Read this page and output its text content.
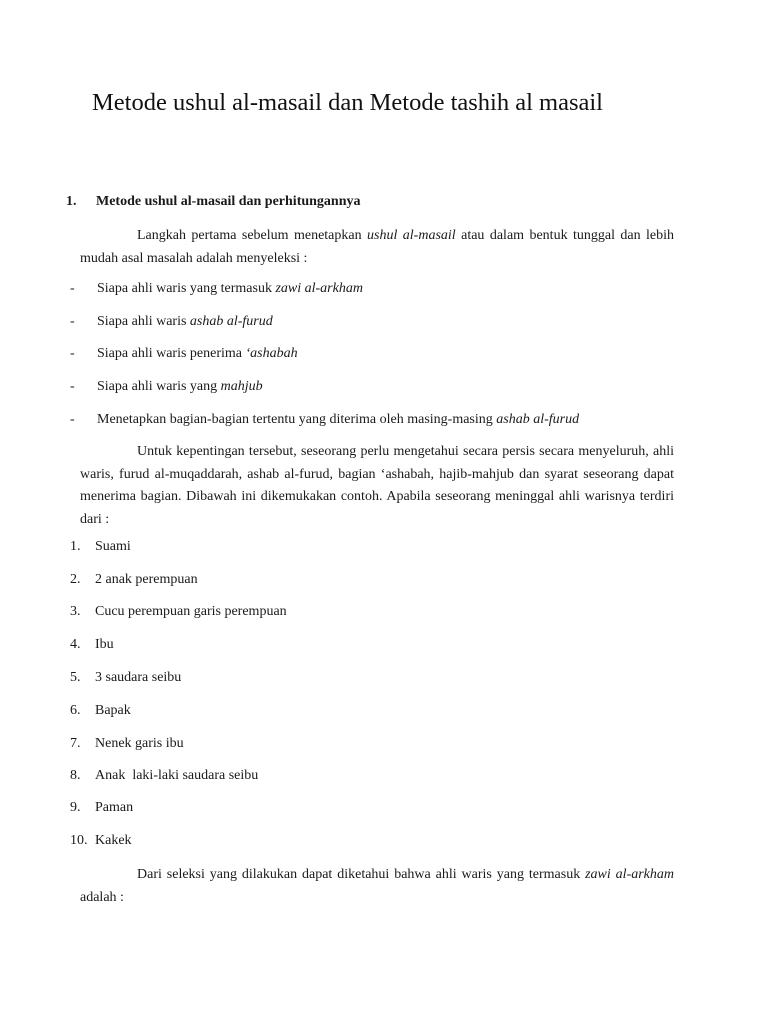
Metode ushul al-masail dan Metode tashih al masail

1. Metode ushul al-masail dan perhitungannya

Langkah pertama sebelum menetapkan ushul al-masail atau dalam bentuk tunggal dan lebih mudah asal masalah adalah menyeleksi :

- Siapa ahli waris yang termasuk zawi al-arkham

- Siapa ahli waris ashab al-furud

- Siapa ahli waris penerima ‘ashabah

- Siapa ahli waris yang mahjub

- Menetapkan bagian-bagian tertentu yang diterima oleh masing-masing ashab al-furud

Untuk kepentingan tersebut, seseorang perlu mengetahui secara persis secara menyeluruh, ahli waris, furud al-muqaddarah, ashab al-furud, bagian ‘ashabah, hajib-mahjub dan syarat seseorang dapat menerima bagian. Dibawah ini dikemukakan contoh. Apabila seseorang meninggal ahli warisnya terdiri dari :

1. Suami

2. 2 anak perempuan

3. Cucu perempuan garis perempuan

4. Ibu

5. 3 saudara seibu

6. Bapak

7. Nenek garis ibu

8. Anak  laki-laki saudara seibu

9. Paman

10. Kakek

Dari seleksi yang dilakukan dapat diketahui bahwa ahli waris yang termasuk zawi al-arkham adalah :
